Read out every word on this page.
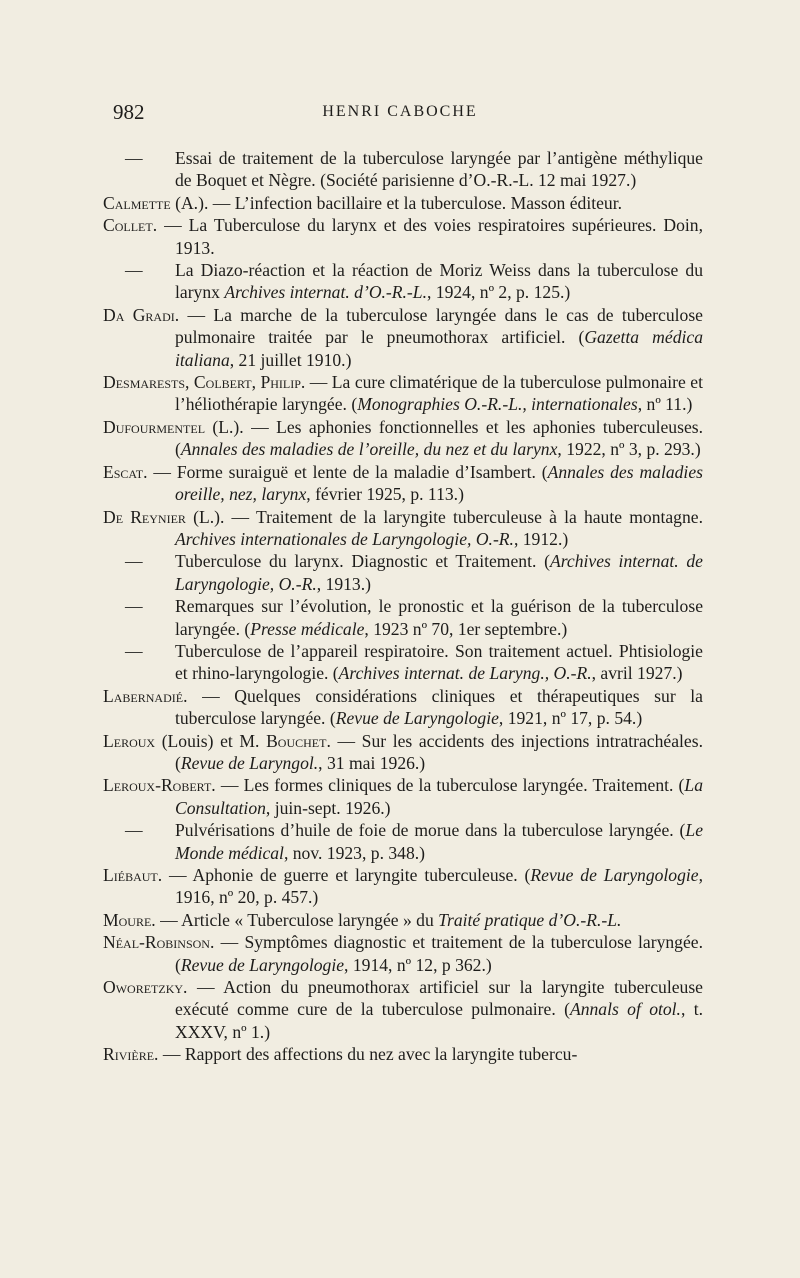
982	HENRI CABOCHE
— Essai de traitement de la tuberculose laryngée par l’antigène méthylique de Boquet et Nègre. (Société parisienne d’O.-R.-L. 12 mai 1927.)
Calmette (A.). — L’infection bacillaire et la tuberculose. Masson éditeur.
Collet. — La Tuberculose du larynx et des voies respiratoires supérieures. Doin, 1913.
— La Diazo-réaction et la réaction de Moriz Weiss dans la tuberculose du larynx Archives internat. d’O.-R.-L., 1924, nº 2, p. 125.)
Da Gradi. — La marche de la tuberculose laryngée dans le cas de tuberculose pulmonaire traitée par le pneumothorax artificiel. (Gazetta médica italiana, 21 juillet 1910.)
Desmarests, Colbert, Philip. — La cure climatérique de la tuberculose pulmonaire et l’héliothérapie laryngée. (Monographies O.-R.-L., internationales, nº 11.)
Dufourmentel (L.). — Les aphonies fonctionnelles et les aphonies tuberculeuses. (Annales des maladies de l’oreille, du nez et du larynx, 1922, nº 3, p. 293.)
Escat. — Forme suraiguë et lente de la maladie d’Isambert. (Annales des maladies oreille, nez, larynx, février 1925, p. 113.)
De Reynier (L.). — Traitement de la laryngite tuberculeuse à la haute montagne. Archives internationales de Laryngologie, O.-R., 1912.)
— Tuberculose du larynx. Diagnostic et Traitement. (Archives internat. de Laryngologie, O.-R., 1913.)
— Remarques sur l’évolution, le pronostic et la guérison de la tuberculose laryngée. (Presse médicale, 1923 nº 70, 1er septembre.)
— Tuberculose de l’appareil respiratoire. Son traitement actuel. Phtisiologie et rhino-laryngologie. (Archives internat. de Laryng., O.-R., avril 1927.)
Labernadié. — Quelques considérations cliniques et thérapeutiques sur la tuberculose laryngée. (Revue de Laryngologie, 1921, nº 17, p. 54.)
Leroux (Louis) et M. Bouchet. — Sur les accidents des injections intratrachéales. (Revue de Laryngol., 31 mai 1926.)
Leroux-Robert. — Les formes cliniques de la tuberculose laryngée. Traitement. (La Consultation, juin-sept. 1926.)
— Pulvérisations d’huile de foie de morue dans la tuberculose laryngée. (Le Monde médical, nov. 1923, p. 348.)
Liébaut. — Aphonie de guerre et laryngite tuberculeuse. (Revue de Laryngologie, 1916, nº 20, p. 457.)
Moure. — Article « Tuberculose laryngée » du Traité pratique d’O.-R.-L.
Néal-Robinson. — Symptômes diagnostic et traitement de la tuberculose laryngée. (Revue de Laryngologie, 1914, nº 12, p 362.)
Oworetzky. — Action du pneumothorax artificiel sur la laryngite tuberculeuse exécuté comme cure de la tuberculose pulmonaire. (Annals of otol., t. XXXV, nº 1.)
Rivière. — Rapport des affections du nez avec la laryngite tubercu-
